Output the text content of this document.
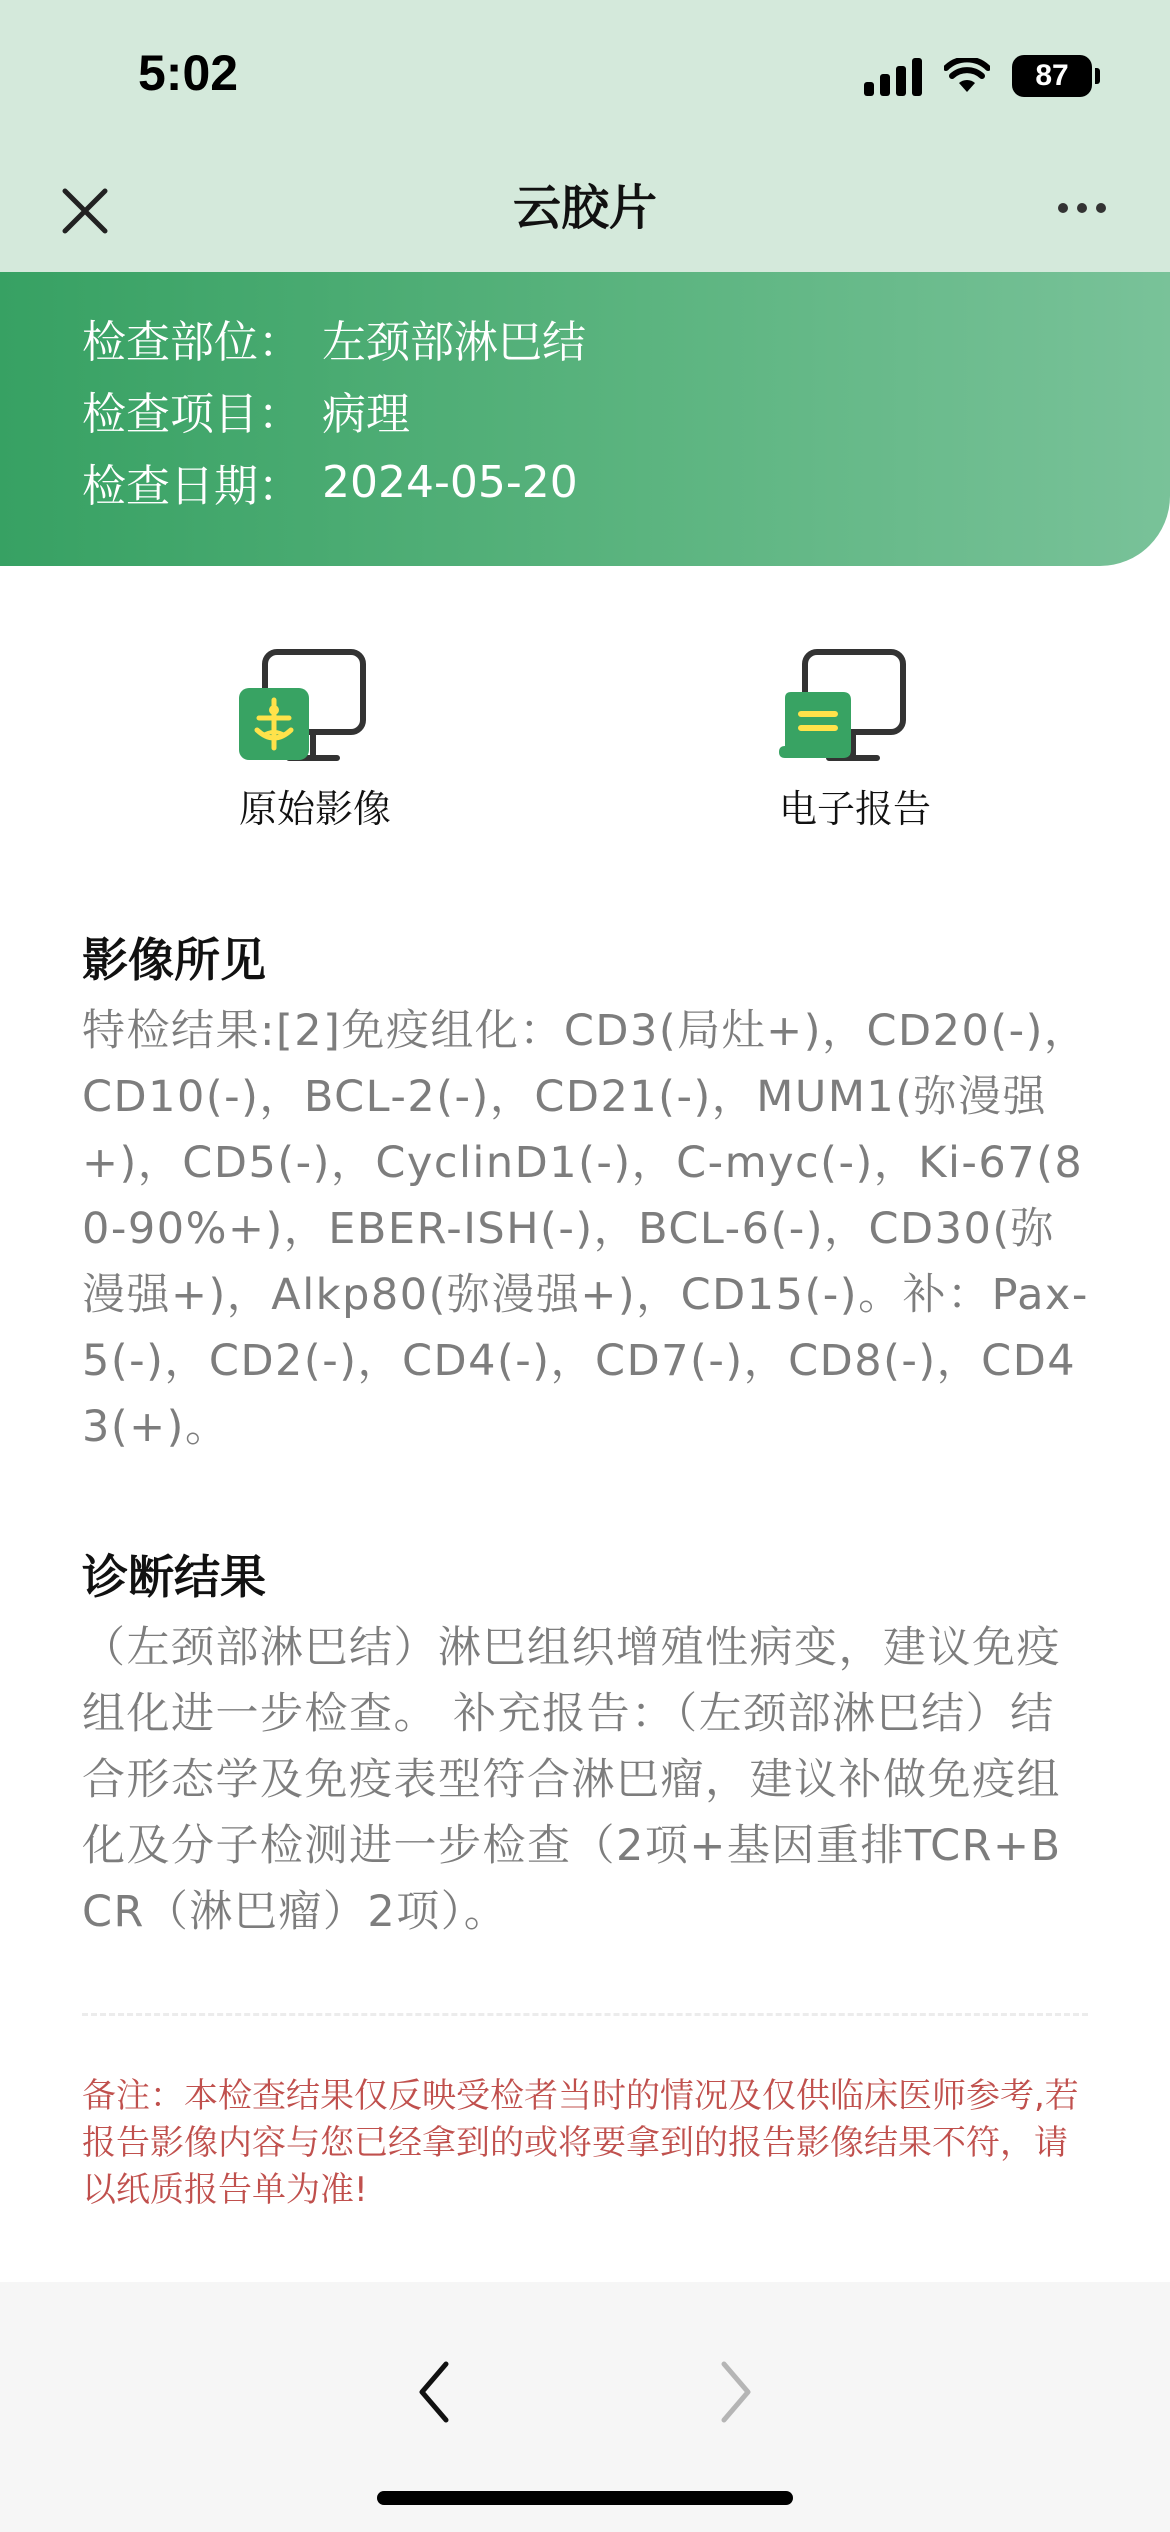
5:02	87
云胶片
检查部位： 左颈部淋巴结
检查项目： 病理
检查日期： 2024-05-20
原始影像	电子报告
影像所见
特检结果:[2]免疫组化：CD3(局灶+)，CD20(-)，CD10(-)，BCL-2(-)，CD21(-)，MUM1(弥漫强+)，CD5(-)，CyclinD1(-)，C-myc(-)，Ki-67(80-90%+)，EBER-ISH(-)，BCL-6(-)，CD30(弥漫强+)，Alkp80(弥漫强+)，CD15(-)。补：Pax-5(-)，CD2(-)，CD4(-)，CD7(-)，CD8(-)，CD43(+)。
诊断结果
（左颈部淋巴结）淋巴组织增殖性病变，建议免疫组化进一步检查。 补充报告：（左颈部淋巴结）结合形态学及免疫表型符合淋巴瘤，建议补做免疫组化及分子检测进一步检查（2项+基因重排TCR+BCR（淋巴瘤）2项）。
备注：本检查结果仅反映受检者当时的情况及仅供临床医师参考,若报告影像内容与您已经拿到的或将要拿到的报告影像结果不符，请以纸质报告单为准!
